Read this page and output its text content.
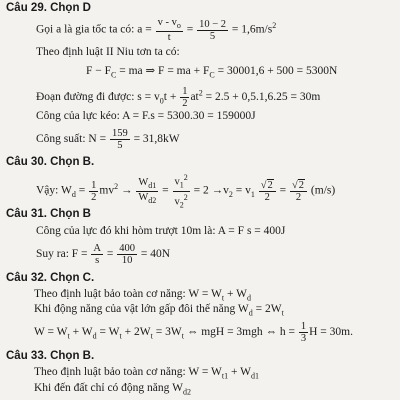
Câu 29. Chọn D
Gọi a là gia tốc ta có: $a = \frac{v - v_o}{t} = \frac{10 - 2}{5} = 1,6m/s^2$
Theo định luật II Niu tơn ta có:
$F - F_C$ = ma ⇒ F = ma + $F_C = 30001,6 + 500 = 5300N$
Đoạn đường đi được: $s = v_0t + \frac{1}{2} at^2 = 2.5 + 0,5.1,6.25 = 30m$
Công của lực kéo: A = F.s = 5300.30 = 159000J
Công suất: $N = \frac{159}{5} = 31,8kW$
Câu 30. Chọn B.
Vậy: $W_d = \frac{1}{2} mv^2 \to \frac{W_{d1}}{W_{d2}} = \frac{v_1^2}{v_2^2} = 2 \to v_2 = v_1 \frac{√2}{2} = \frac{√2}{2} (m/s)$
Câu 31. Chọn B
Công của lực đó khi hòm trượt 10m là: A = F s = 400J
Suy ra: $F = \frac{A}{s} = \frac{400}{10} = 40N$
Câu 32. Chọn C.
Theo định luật bảo toàn cơ năng: $W = W_t + W_d$
Khi động năng của vật lớn gấp đôi thế năng $W_d = 2W_t$
$W = W_t + W_d = W_t + 2W_t = 3W_t$ ⇔ mgH = 3mgh ⇔ $h = \frac{1}{3}$ H = 30m.
Câu 33. Chọn B.
Theo định luật bảo toàn cơ năng: $W = W_{t1} + W_{d1}$
Khi đến đất chỉ có động năng $W_{d2}$
